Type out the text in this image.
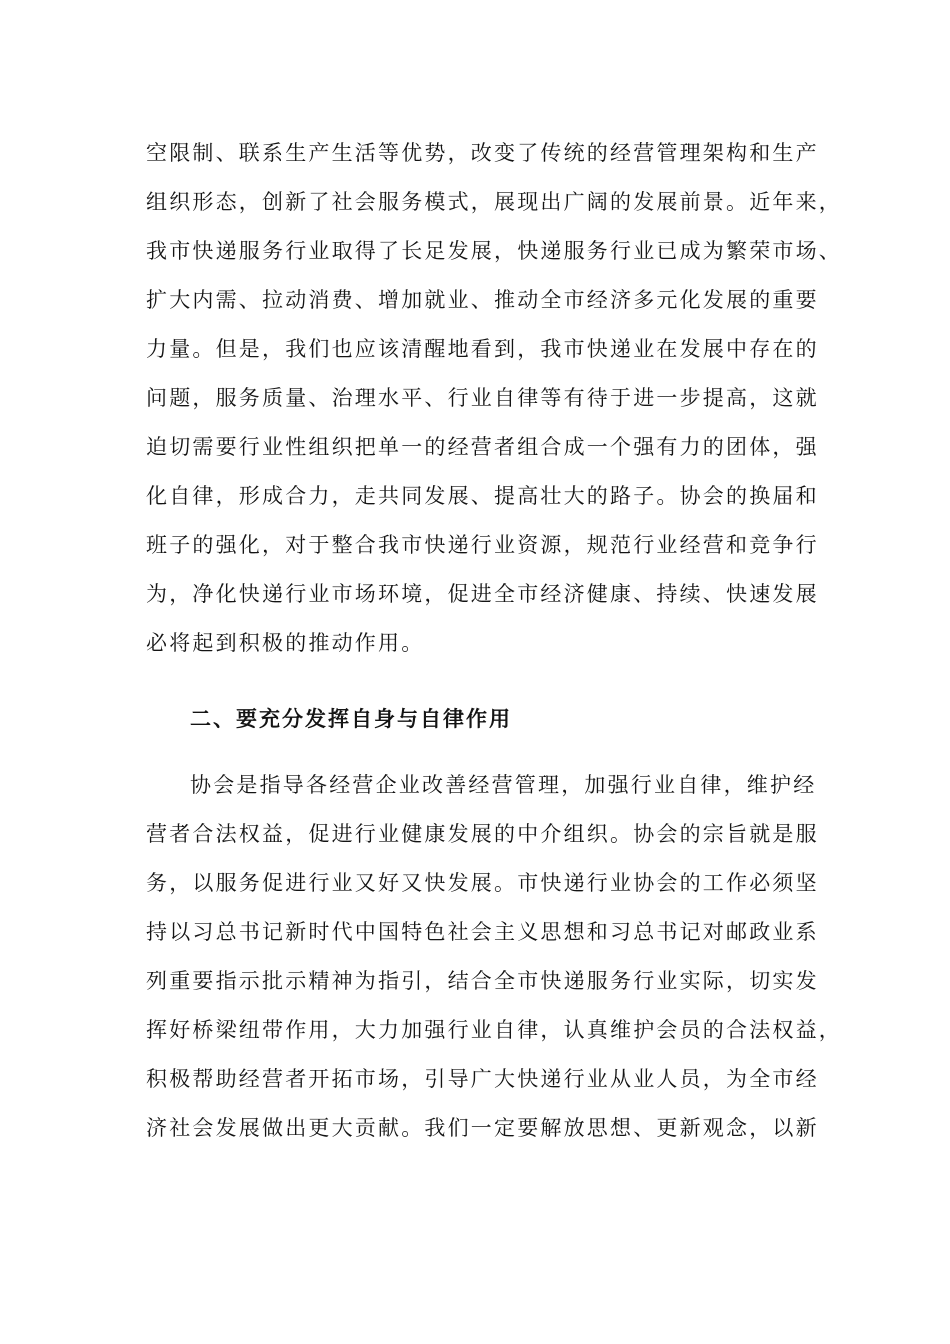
空限制、联系生产生活等优势，改变了传统的经营管理架构和生产
组织形态，创新了社会服务模式，展现出广阔的发展前景。近年来，
我市快递服务行业取得了长足发展，快递服务行业已成为繁荣市场、
扩大内需、拉动消费、增加就业、推动全市经济多元化发展的重要
力量。但是，我们也应该清醒地看到，我市快递业在发展中存在的
问题，服务质量、治理水平、行业自律等有待于进一步提高，这就
迫切需要行业性组织把单一的经营者组合成一个强有力的团体，强
化自律，形成合力，走共同发展、提高壮大的路子。协会的换届和
班子的强化，对于整合我市快递行业资源，规范行业经营和竞争行
为，净化快递行业市场环境，促进全市经济健康、持续、快速发展
必将起到积极的推动作用。
二、要充分发挥自身与自律作用
协会是指导各经营企业改善经营管理，加强行业自律，维护经
营者合法权益，促进行业健康发展的中介组织。协会的宗旨就是服
务，以服务促进行业又好又快发展。市快递行业协会的工作必须坚
持以习总书记新时代中国特色社会主义思想和习总书记对邮政业系
列重要指示批示精神为指引，结合全市快递服务行业实际，切实发
挥好桥梁纽带作用，大力加强行业自律，认真维护会员的合法权益，
积极帮助经营者开拓市场，引导广大快递行业从业人员，为全市经
济社会发展做出更大贡献。我们一定要解放思想、更新观念，以新
